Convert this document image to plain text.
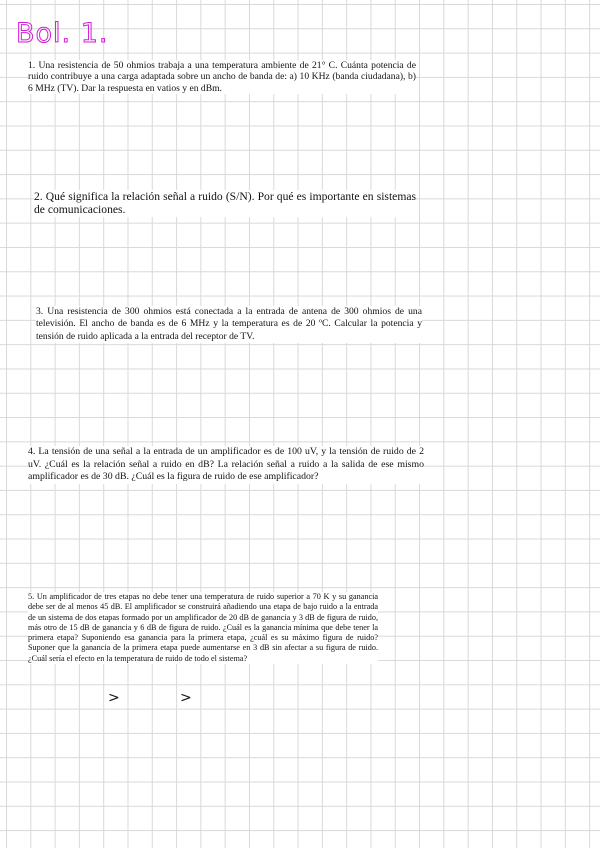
Bol. 1.
1. Una resistencia de 50 ohmios trabaja a una temperatura ambiente de 21° C. Cuánta potencia de ruido contribuye a una carga adaptada sobre un ancho de banda de: a) 10 KHz (banda ciudadana), b) 6 MHz (TV). Dar la respuesta en vatios y en dBm.
2. Qué significa la relación señal a ruido (S/N). Por qué es importante en sistemas de comunicaciones.
3. Una resistencia de 300 ohmios está conectada a la entrada de antena de 300 ohmios de una televisión. El ancho de banda es de 6 MHz y la temperatura es de 20 ºC. Calcular la potencia y tensión de ruido aplicada a la entrada del receptor de TV.
4. La tensión de una señal a la entrada de un amplificador es de 100 uV, y la tensión de ruido de 2 uV. ¿Cuál es la relación señal a ruido en dB? La relación señal a ruido a la salida de ese mismo amplificador es de 30 dB. ¿Cuál es la figura de ruido de ese amplificador?
5. Un amplificador de tres etapas no debe tener una temperatura de ruido superior a 70 K y su ganancia debe ser de al menos 45 dB. El amplificador se construirá añadiendo una etapa de bajo ruido a la entrada de un sistema de dos etapas formado por un amplificador de 20 dB de ganancia y 3 dB de figura de ruido, más otro de 15 dB de ganancia y 6 dB de figura de ruido. ¿Cuál es la ganancia mínima que debe tener la primera etapa? Suponiendo esa ganancia para la primera etapa, ¿cuál es su máximo figura de ruido? Suponer que la ganancia de la primera etapa puede aumentarse en 3 dB sin afectar a su figura de ruido. ¿Cuál sería el efecto en la temperatura de ruido de todo el sistema?
>	>
